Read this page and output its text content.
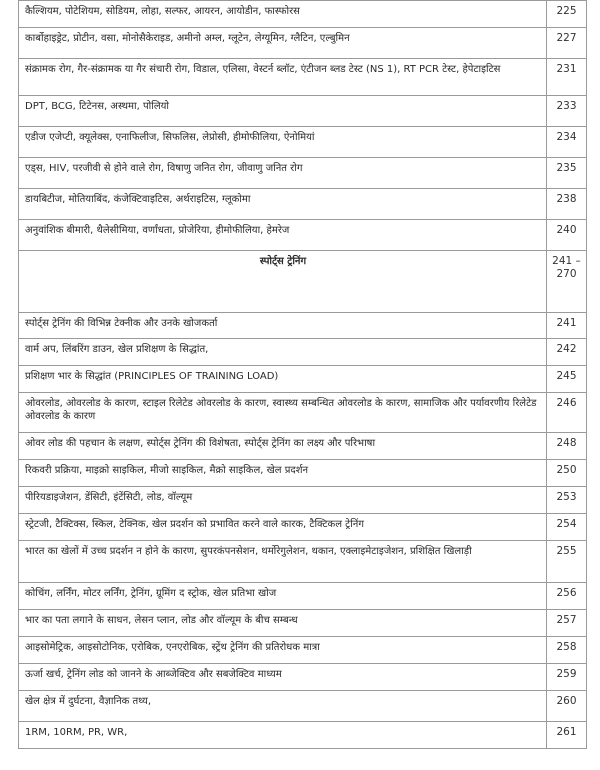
कैल्शियम, पोटेशियम, सोडियम, लोहा, सल्फर, आयरन, आयोडीन, फास्फोरस	225
कार्बोहाइड्रेट, प्रोटीन, वसा, मोनोसैकेराइड, अमीनो अम्ल, ग्लूटेन, लेग्यूमिन, ग्लैटिन, एल्बुमिन	227
संक्रामक रोग, गैर-संक्रामक या गैर संचारी रोग, विडाल, एलिसा, वेस्टर्न ब्लॉट, एंटीजन ब्लड टेस्ट (NS 1), RT PCR टेस्ट, हेपेटाइटिस	231
DPT, BCG, टिटेनस, अस्थमा, पोलियो	233
एडीज एजेप्टी, क्यूलेक्स, एनाफिलीज, सिफलिस, लेप्रोसी, हीमोफीलिया, ऐनोमियां	234
एड्स, HIV, परजीवी से होने वाले रोग, विषाणु जनित रोग, जीवाणु जनित रोग	235
डायबिटीज, मोतियाबिंद, कंजेक्टिवाइटिस, अर्थराइटिस, ग्लूकोमा	238
अनुवांशिक बीमारी, थैलेसीमिया, वर्णांधता, प्रोजेरिया, हीमोफीलिया, हेमरेज	240
स्पोर्ट्स ट्रेनिंग	241 – 270
स्पोर्ट्स ट्रेनिंग की विभिन्न टेक्नीक और उनके खोजकर्ता	241
वार्म अप, लिंबरिंग डाउन, खेल प्रशिक्षण के सिद्धांत,	242
प्रशिक्षण भार के सिद्धांत (PRINCIPLES OF TRAINING LOAD)	245
ओवरलोड, ओवरलोड के कारण, स्टाइल रिलेटेड ओवरलोड के कारण, स्वास्थ्य सम्बन्धित ओवरलोड के कारण, सामाजिक और पर्यावरणीय रिलेटेड ओवरलोड के कारण	246
ओवर लोड की पहचान के लक्षण, स्पोर्ट्स ट्रेनिंग की विशेषता, स्पोर्ट्स ट्रेनिंग का लक्ष्य और परिभाषा	248
रिकवरी प्रक्रिया, माइक्रो साइकिल, मीजो साइकिल, मैक्रो साइकिल, खेल प्रदर्शन	250
पीरियडाइजेशन, डेंसिटी, इंटेंसिटी, लोड, वॉल्यूम	253
स्ट्रेटजी, टैक्टिक्स, स्किल, टेक्निक, खेल प्रदर्शन को प्रभावित करने वाले कारक, टैक्टिकल ट्रेनिंग	254
भारत का खेलों में उच्च प्रदर्शन न होने के कारण, सुपरकंपनसेशन, थर्मोरेगुलेशन, थकान, एक्लाइमेटाइजेशन, प्रशिक्षित खिलाड़ी	255
कोचिंग, लर्निंग, मोटर लर्निंग, ट्रेनिंग, ग्रूमिंग द स्ट्रोक, खेल प्रतिभा खोज	256
भार का पता लगाने के साधन, लेसन प्लान, लोड और वॉल्यूम के बीच सम्बन्ध	257
आइसोमेट्रिक, आइसोटोनिक, एरोबिक, एनएरोबिक, स्ट्रेंथ ट्रेनिंग की प्रतिरोधक मात्रा	258
ऊर्जा खर्च, ट्रेनिंग लोड को जानने के आब्जेक्टिव और सबजेक्टिव माध्यम	259
खेल क्षेत्र में दुर्घटना, वैज्ञानिक तथ्य,	260
1RM, 10RM, PR, WR,	261
